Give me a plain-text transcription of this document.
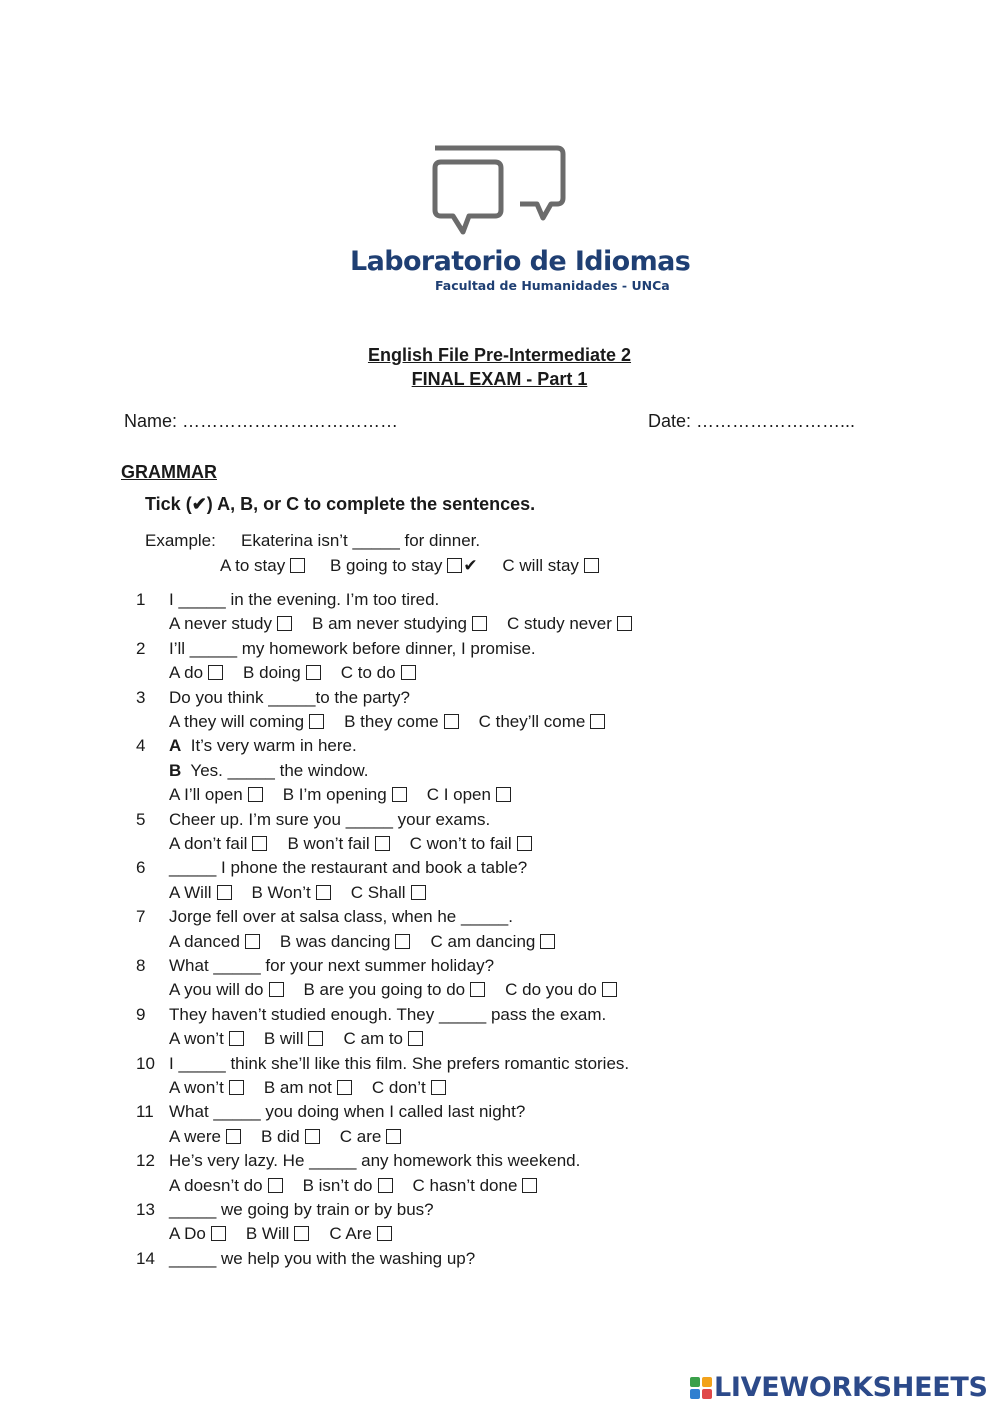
Laboratorio de Idiomas
Facultad de Humanidades - UNCa
English File Pre-Intermediate 2
FINAL EXAM - Part 1
Name: ………………………………	Date: ……………………...
GRAMMAR
Tick (✔) A, B, or C to complete the sentences.
Example: Ekaterina isn’t _____ for dinner.
A to stay	B going to stay ✔ C will stay
1 I _____ in the evening. I’m too tired.
A never study B am never studying C study never
2 I’ll _____ my homework before dinner, I promise.
A do B doing C to do
3 Do you think _____to the party?
A they will coming B they come C they’ll come
4 A It’s very warm in here.
B Yes. _____ the window.
A I’ll open B I’m opening C I open
5 Cheer up. I’m sure you _____ your exams.
A don’t fail B won’t fail C won’t to fail
6 _____ I phone the restaurant and book a table?
A Will B Won’t C Shall
7 Jorge fell over at salsa class, when he _____.
A danced B was dancing C am dancing
8 What _____ for your next summer holiday?
A you will do B are you going to do C do you do
9 They haven’t studied enough. They _____ pass the exam.
A won’t B will C am to
10 I _____ think she’ll like this film. She prefers romantic stories.
A won’t B am not C don’t
11 What _____ you doing when I called last night?
A were B did C are
12 He’s very lazy. He _____ any homework this weekend.
A doesn’t do B isn’t do C hasn’t done
13 _____ we going by train or by bus?
A Do B Will C Are
14 _____ we help you with the washing up?
LIVEWORKSHEETS
